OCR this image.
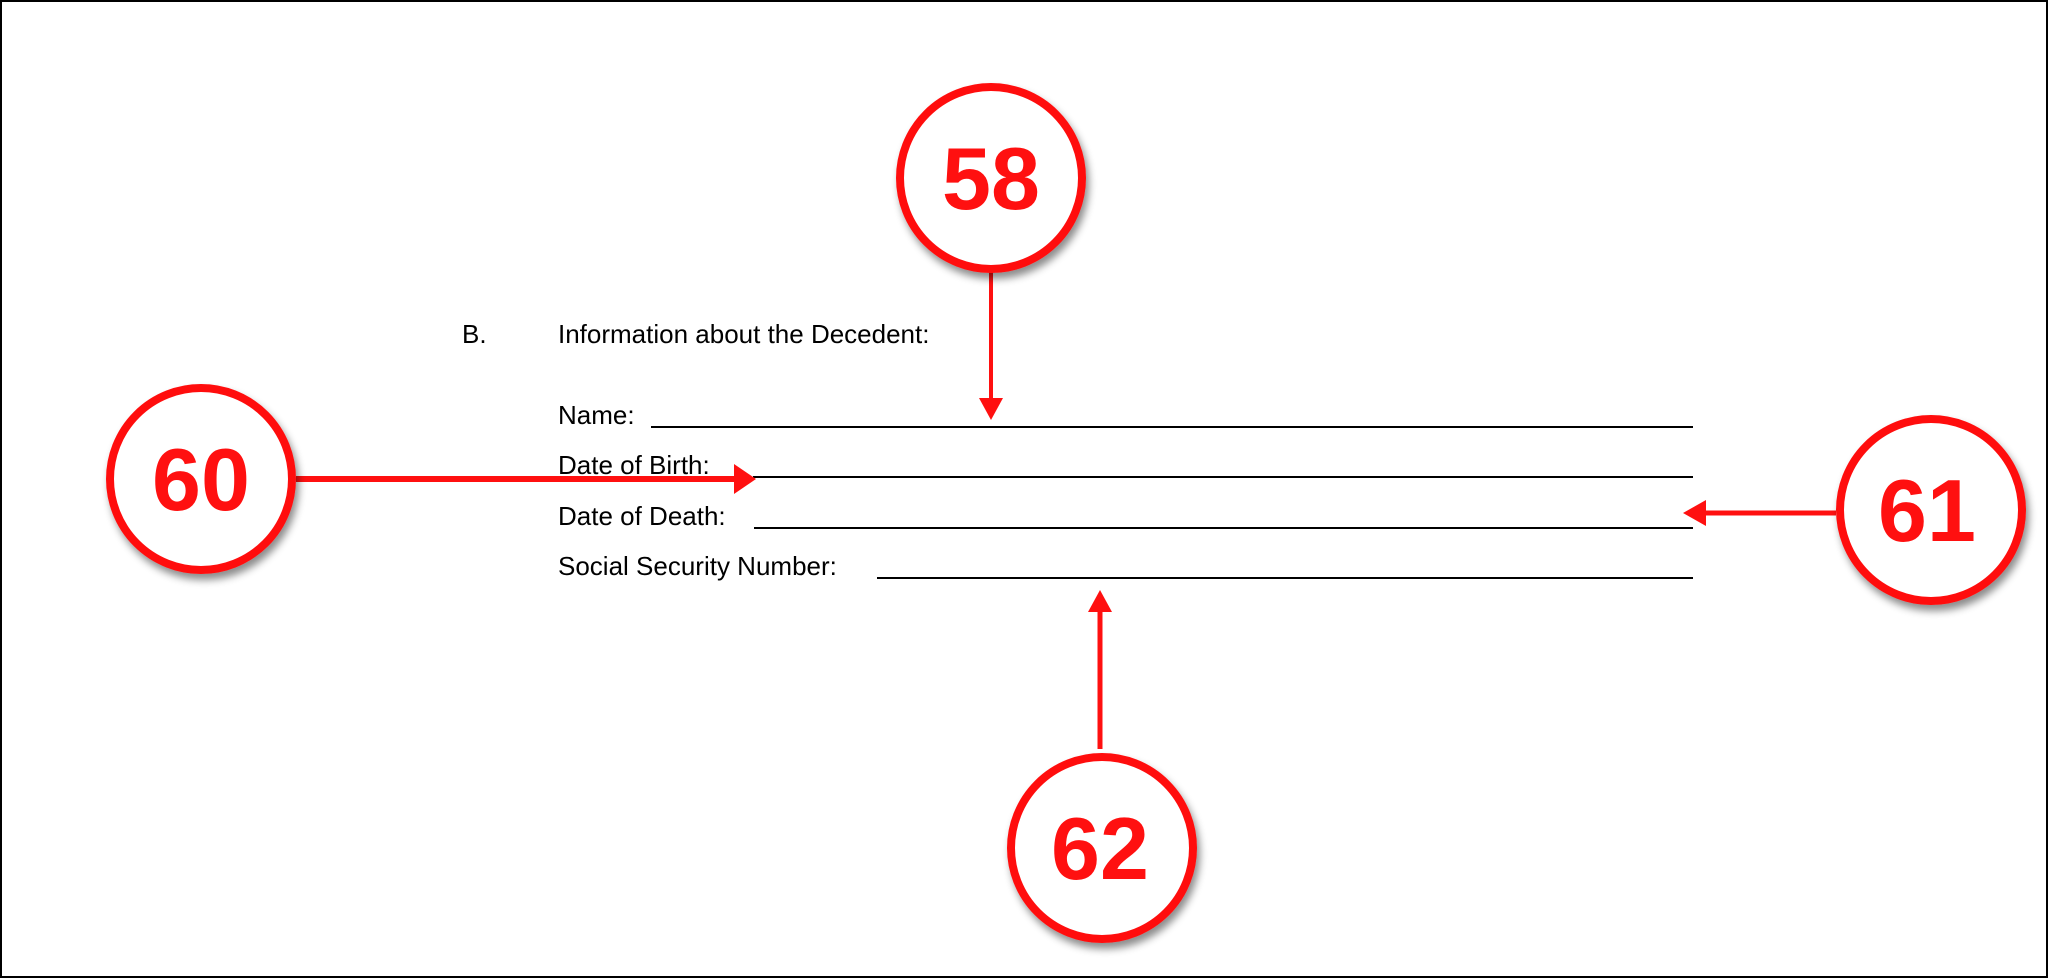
B.	Information about the Decedent:
Name:
Date of Birth:
Date of Death:
Social Security Number:
58
60	61
62
